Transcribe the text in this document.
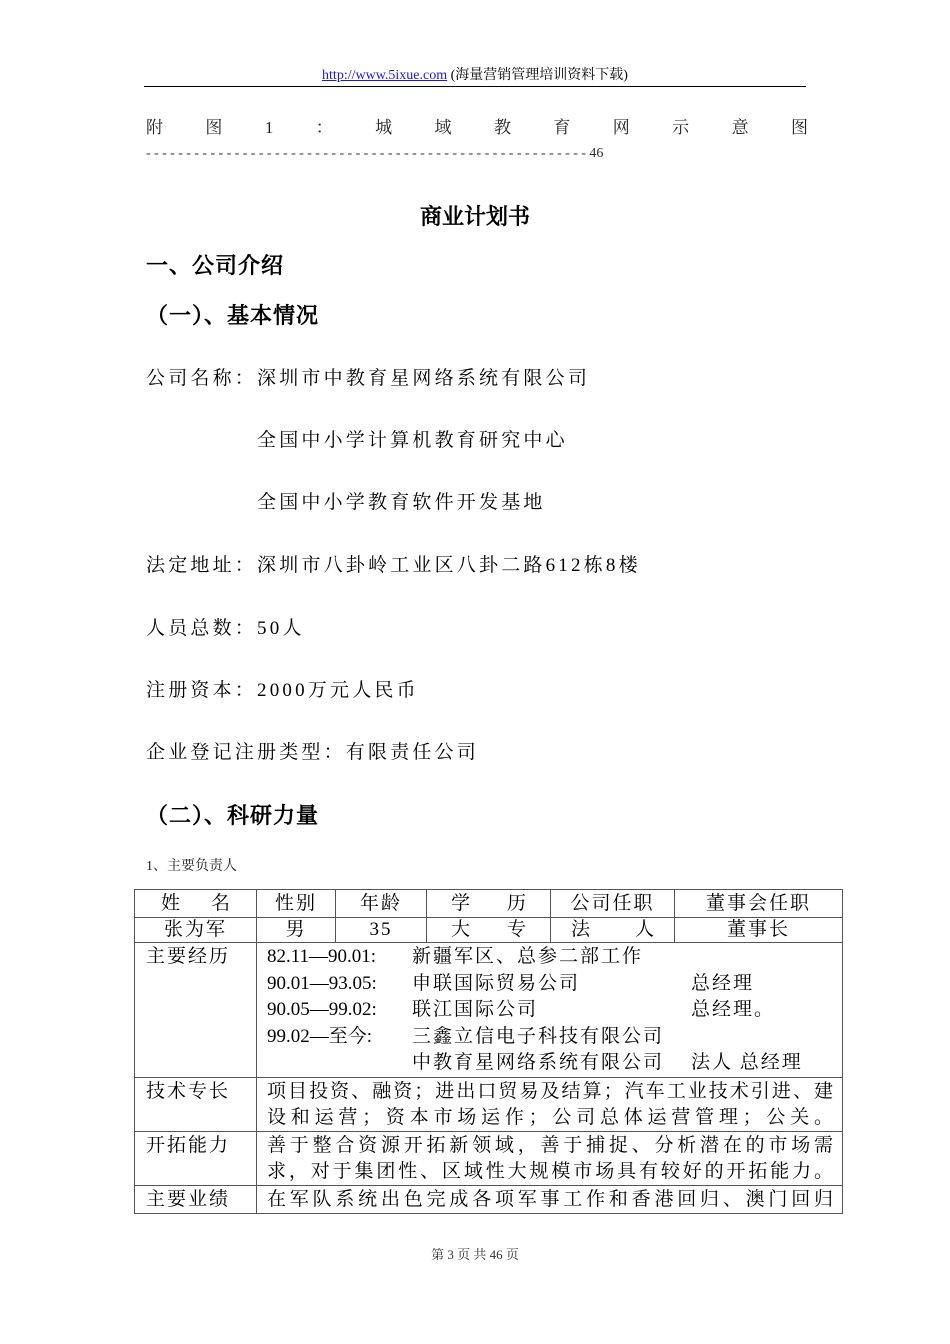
http://www.5ixue.com (海量营销管理培训资料下载)
附 图 1 ： 城 域 教 育 网 示 意 图
-------------------------------------------------------46
商业计划书
一、公司介绍
（一）、基本情况
公司名称：深圳市中教育星网络系统有限公司
全国中小学计算机教育研究中心
全国中小学教育软件开发基地
法定地址：深圳市八卦岭工业区八卦二路612栋8楼
人员总数：50人
注册资本：2000万元人民币
企业登记注册类型：有限责任公司
（二）、科研力量
1、主要负责人
姓 名	性别	年龄	学 历	公司任职	董事会任职
张为军	男	35	大 专	法 人	董事长
主要经历	82.11—90.01:	新疆军区、总参二部工作
90.01—93.05:	申联国际贸易公司	总经理
90.05—99.02:	联江国际公司	总经理。
99.02—至今:	三鑫立信电子科技有限公司
中教育星网络系统有限公司	法人 总经理

技术专长	项目投资、融资；进出口贸易及结算；汽车工业技术引进、建
设和运营；资本市场运作；公司总体运营管理；公关。				

开拓能力	善于整合资源开拓新领域，善于捕捉、分析潜在的市场需
求，对于集团性、区域性大规模市场具有较好的开拓能力。				

主要业绩	在军队系统出色完成各项军事工作和香港回归、澳门回归				
第 3 页 共 46 页
